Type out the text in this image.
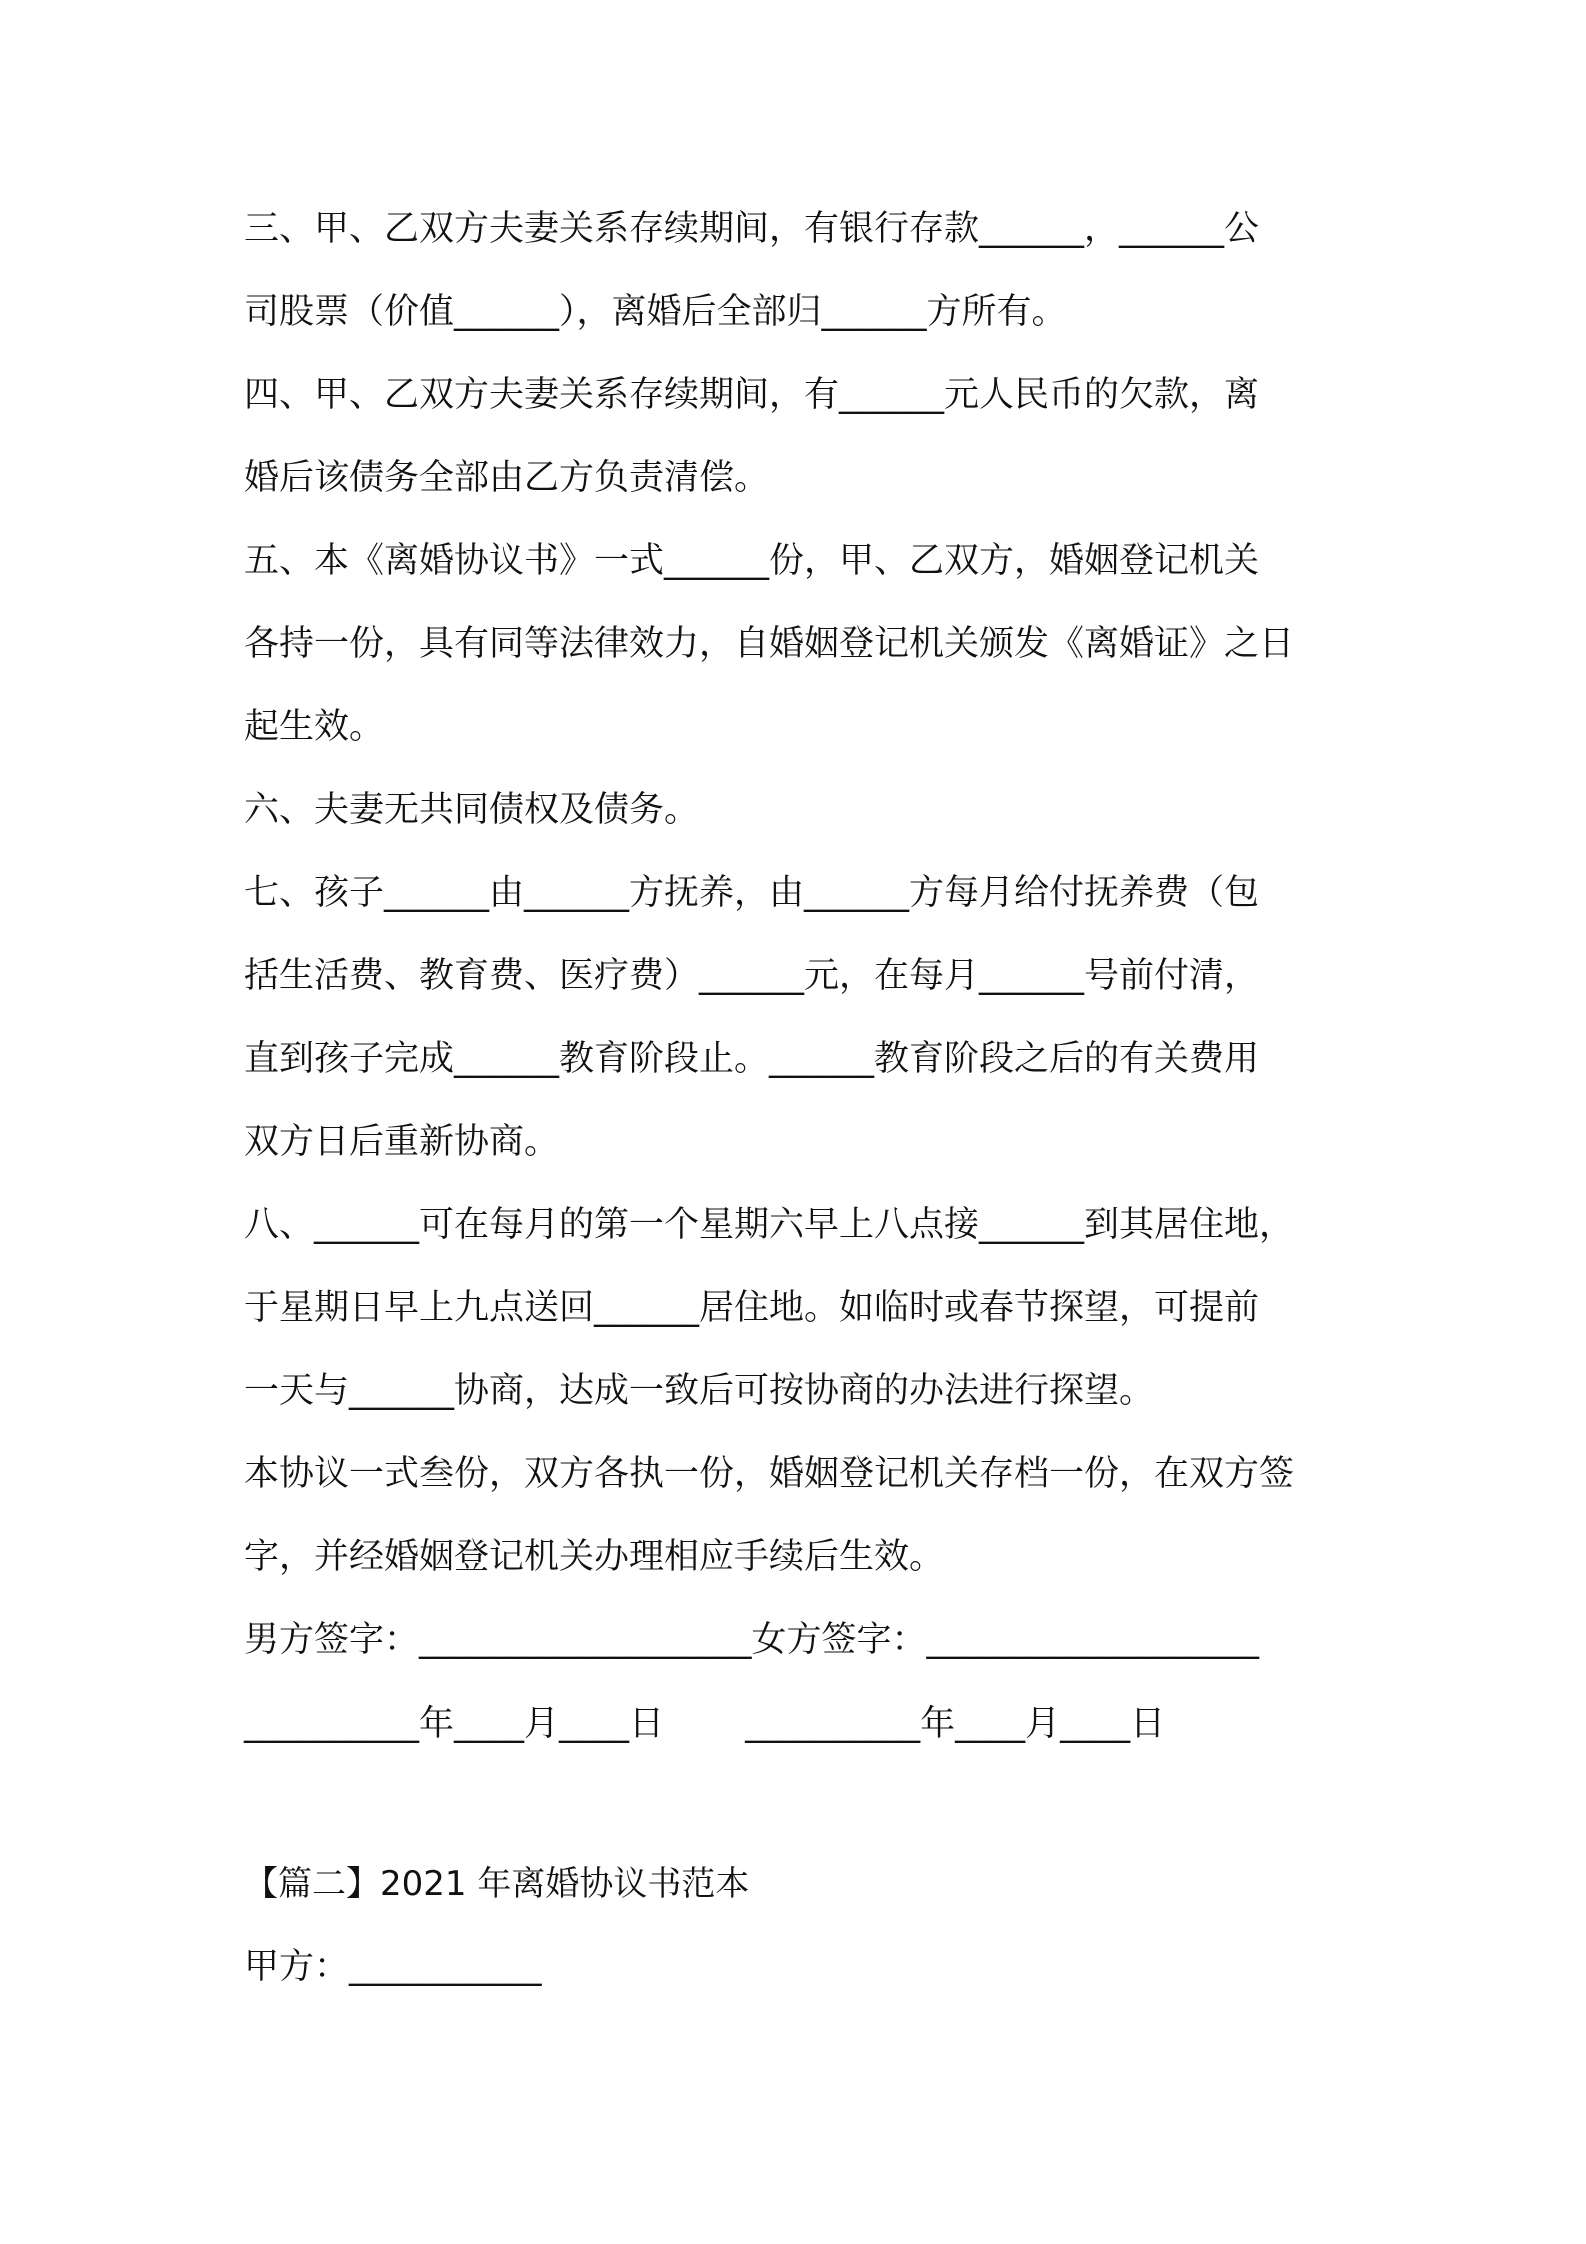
三、甲、乙双方夫妻关系存续期间，有银行存款______，______公
司股票（价值______），离婚后全部归______方所有。
四、甲、乙双方夫妻关系存续期间，有______元人民币的欠款，离
婚后该债务全部由乙方负责清偿。
五、本《离婚协议书》一式______份，甲、乙双方，婚姻登记机关
各持一份，具有同等法律效力，自婚姻登记机关颁发《离婚证》之日
起生效。
六、夫妻无共同债权及债务。
七、孩子______由______方抚养，由______方每月给付抚养费（包
括生活费、教育费、医疗费）______元，在每月______号前付清，
直到孩子完成______教育阶段止。______教育阶段之后的有关费用
双方日后重新协商。
八、______可在每月的第一个星期六早上八点接______到其居住地，
于星期日早上九点送回______居住地。如临时或春节探望，可提前
一天与______协商，达成一致后可按协商的办法进行探望。
本协议一式叁份，双方各执一份，婚姻登记机关存档一份，在双方签
字，并经婚姻登记机关办理相应手续后生效。
男方签字：___________________女方签字：___________________
__________年____月____日　　 __________年____月____日
【篇二】2021 年离婚协议书范本
甲方：___________
